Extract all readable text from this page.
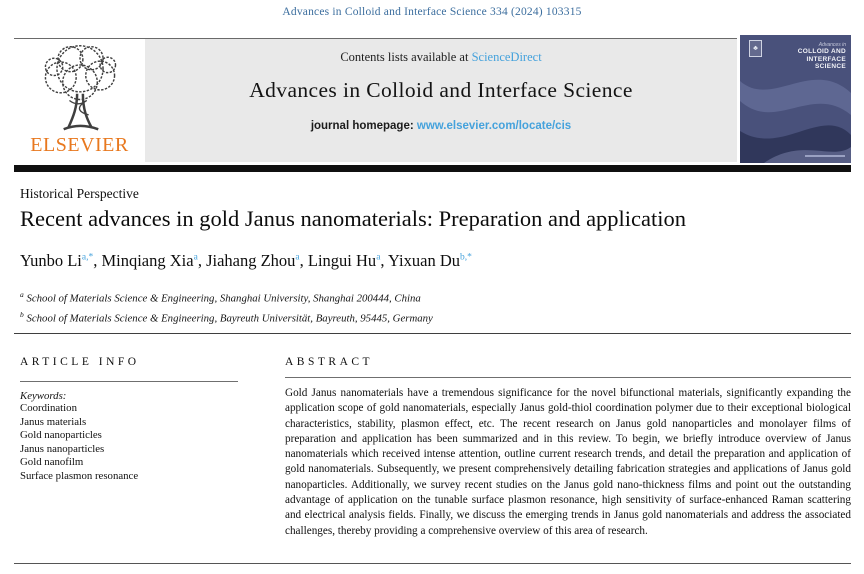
Advances in Colloid and Interface Science 334 (2024) 103315
ELSEVIER
Contents lists available at ScienceDirect
Advances in Colloid and Interface Science
journal homepage: www.elsevier.com/locate/cis
♣	Advances in
COLLOID AND
INTERFACE
SCIENCE
Historical Perspective
Recent advances in gold Janus nanomaterials: Preparation and application
Yunbo $Li^{a,*}$, Minqiang Xia$^a$, Jiahang Zhou$^a$, Lingui Hu$^a$, Yixuan $Du^{b,*}$
$^a$ School of Materials Science & Engineering, Shanghai University, Shanghai 200444, China
$^b$ School of Materials Science & Engineering, Bayreuth Universität, Bayreuth, 95445, Germany
ARTICLE INFO
Keywords:
Coordination
Janus materials
Gold nanoparticles
Janus nanoparticles
Gold nanofilm
Surface plasmon resonance
ABSTRACT
Gold Janus nanomaterials have a tremendous significance for the novel bifunctional materials, significantly expanding the application scope of gold nanomaterials, especially Janus gold-thiol coordination polymer due to their exceptional biological characteristics, stability, plasmon effect, etc. The recent research on Janus gold nanoparticles and monolayer films of preparation and application has been summarized and in this review. To begin, we briefly introduce overview of Janus nanomaterials which received intense attention, outline current research trends, and detail the preparation and application of gold nanomaterials. Subsequently, we present comprehensively detailing fabrication strategies and applications of Janus gold nanoparticles. Additionally, we survey recent studies on the Janus gold nano-thickness films and point out the outstanding advantage of application on the tunable surface plasmon resonance, high sensitivity of surface-enhanced Raman scattering and electrical analysis fields. Finally, we discuss the emerging trends in Janus gold nanomaterials and address the associated challenges, thereby providing a comprehensive overview of this area of research.
